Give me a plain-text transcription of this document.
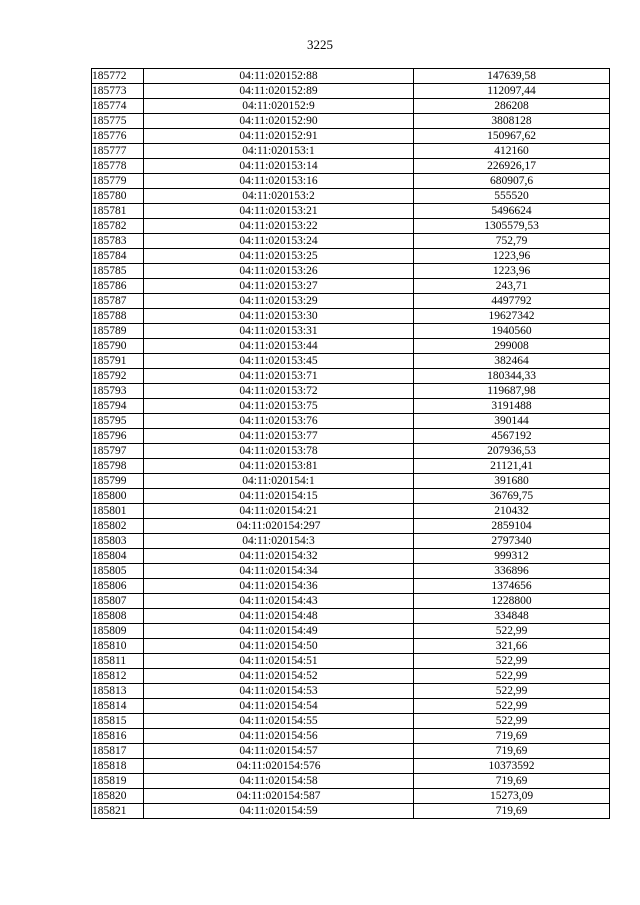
3225
185772	04:11:020152:88	147639,58
185773	04:11:020152:89	112097,44
185774	04:11:020152:9	286208
185775	04:11:020152:90	3808128
185776	04:11:020152:91	150967,62
185777	04:11:020153:1	412160
185778	04:11:020153:14	226926,17
185779	04:11:020153:16	680907,6
185780	04:11:020153:2	555520
185781	04:11:020153:21	5496624
185782	04:11:020153:22	1305579,53
185783	04:11:020153:24	752,79
185784	04:11:020153:25	1223,96
185785	04:11:020153:26	1223,96
185786	04:11:020153:27	243,71
185787	04:11:020153:29	4497792
185788	04:11:020153:30	19627342
185789	04:11:020153:31	1940560
185790	04:11:020153:44	299008
185791	04:11:020153:45	382464
185792	04:11:020153:71	180344,33
185793	04:11:020153:72	119687,98
185794	04:11:020153:75	3191488
185795	04:11:020153:76	390144
185796	04:11:020153:77	4567192
185797	04:11:020153:78	207936,53
185798	04:11:020153:81	21121,41
185799	04:11:020154:1	391680
185800	04:11:020154:15	36769,75
185801	04:11:020154:21	210432
185802	04:11:020154:297	2859104
185803	04:11:020154:3	2797340
185804	04:11:020154:32	999312
185805	04:11:020154:34	336896
185806	04:11:020154:36	1374656
185807	04:11:020154:43	1228800
185808	04:11:020154:48	334848
185809	04:11:020154:49	522,99
185810	04:11:020154:50	321,66
185811	04:11:020154:51	522,99
185812	04:11:020154:52	522,99
185813	04:11:020154:53	522,99
185814	04:11:020154:54	522,99
185815	04:11:020154:55	522,99
185816	04:11:020154:56	719,69
185817	04:11:020154:57	719,69
185818	04:11:020154:576	10373592
185819	04:11:020154:58	719,69
185820	04:11:020154:587	15273,09
185821	04:11:020154:59	719,69
